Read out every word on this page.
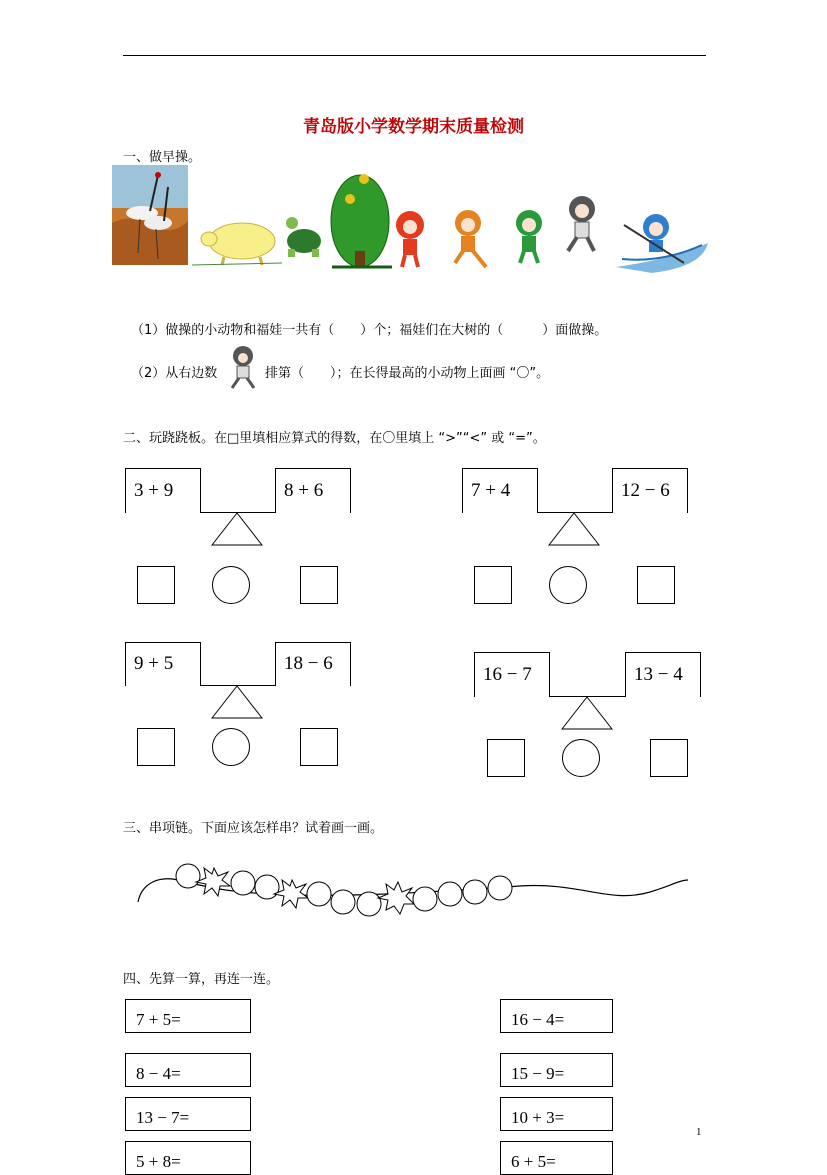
青岛版小学数学期末质量检测
一、做早操。
（1）做操的小动物和福娃一共有（　　）个；福娃们在大树的（　　　）面做操。
（2）从右边数	排第（　　）；在长得最高的小动物上面画 “〇”。
二、玩跷跷板。在□里填相应算式的得数，在〇里填上 “>”“<” 或 “=”。
3 + 9	8 + 6	7 + 4	12 − 6
9 + 5	18 − 6	16 − 7	13 − 4
三、串项链。下面应该怎样串？试着画一画。
四、先算一算，再连一连。
7 + 5=
8 − 4=
13 − 7=
5 + 8=
16 − 4=
15 − 9=
10 + 3=
6 + 5=
1
